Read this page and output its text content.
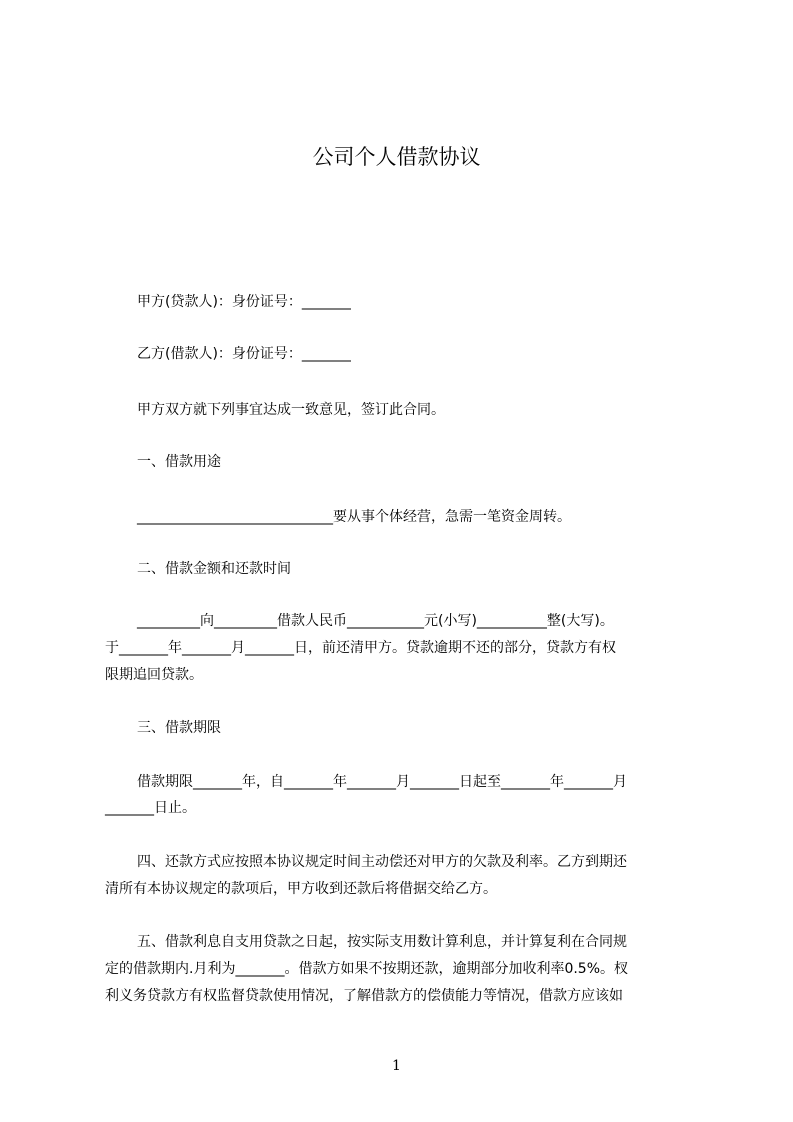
公司个人借款协议
甲方(贷款人)：身份证号：_______
乙方(借款人)：身份证号：_______
甲方双方就下列事宜达成一致意见，签订此合同。
一、借款用途
____________________________要从事个体经营，急需一笔资金周转。
二、借款金额和还款时间
_________向_________借款人民币___________元(小写)__________整(大写)。
于_______年_______月_______日，前还清甲方。贷款逾期不还的部分，贷款方有权
限期追回贷款。
三、借款期限
借款期限_______年，自_______年_______月_______日起至_______年_______月
_______日止。
四、还款方式应按照本协议规定时间主动偿还对甲方的欠款及利率。乙方到期还
清所有本协议规定的款项后，甲方收到还款后将借据交给乙方。
五、借款利息自支用贷款之日起，按实际支用数计算利息，并计算复利在合同规
定的借款期内.月利为_______。借款方如果不按期还款，逾期部分加收利率0.5%。杈
利义务贷款方有权监督贷款使用情况，了解借款方的偿债能力等情况，借款方应该如
1
